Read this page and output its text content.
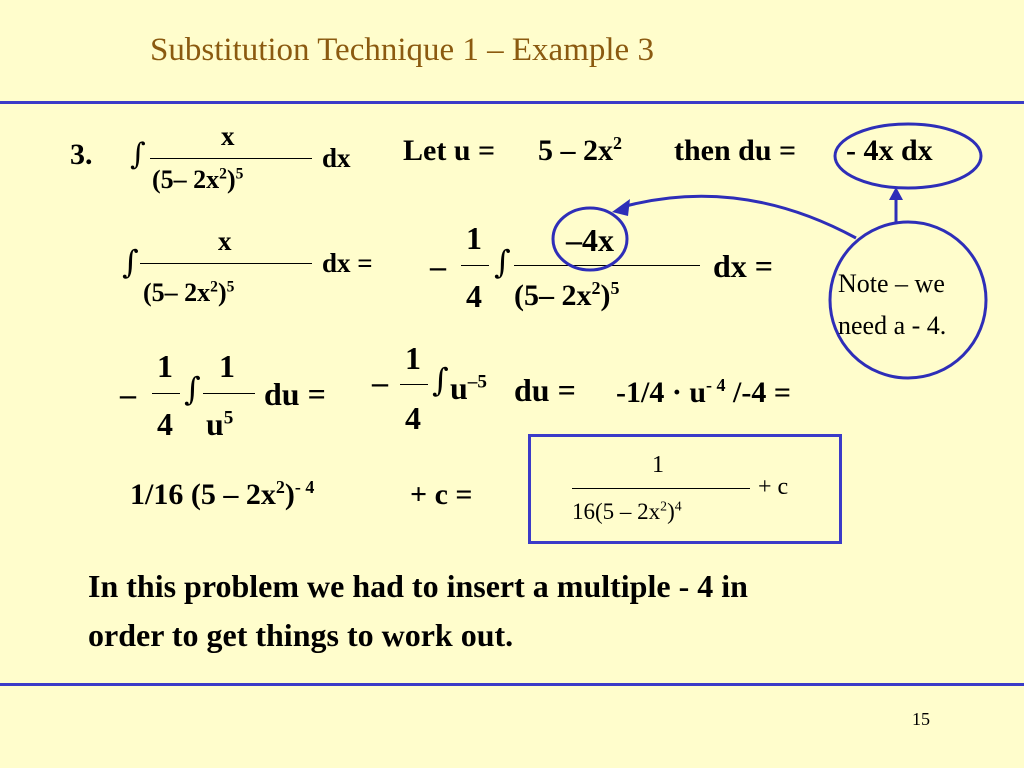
Substitution Technique 1 – Example 3
3. ∫
x
(5– $2x^2)^5$
dx Let $u = 5 - 2x^2$ then du = - 4x dx
∫
x
(5– $2x^2)^5$
dx = –
1
4
∫
–4x
(5– $2x^2)^5$
dx = Note – we
need a - 4.
–
1
4
∫
1
$u^5$
du = –
1
4
∫ $u^{-5}$ du = $-1/4 \cdot u^{- 4}$ /-4 =
1/16 $(5 - 2x^2)^{- 4}$	+ c =
1
$16(5 - 2x^2)^4$
+ c
In this problem we had to insert a multiple - 4 in
order to get things to work out.
15
